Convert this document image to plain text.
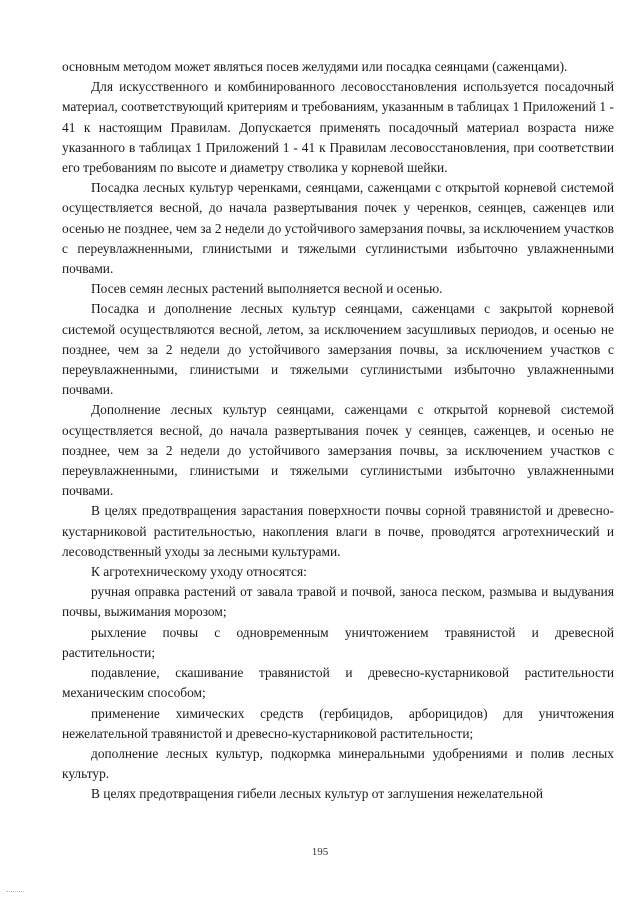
основным методом может являться посев желудями или посадка сеянцами (саженцами).

Для искусственного и комбинированного лесовосстановления используется посадочный материал, соответствующий критериям и требованиям, указанным в таблицах 1 Приложений 1 - 41 к настоящим Правилам. Допускается применять посадочный материал возраста ниже указанного в таблицах 1 Приложений 1 - 41 к Правилам лесовосстановления, при соответствии его требованиям по высоте и диаметру стволика у корневой шейки.

Посадка лесных культур черенками, сеянцами, саженцами с открытой корневой системой осуществляется весной, до начала развертывания почек у черенков, сеянцев, саженцев или осенью не позднее, чем за 2 недели до устойчивого замерзания почвы, за исключением участков с переувлажненными, глинистыми и тяжелыми суглинистыми избыточно увлажненными почвами.

Посев семян лесных растений выполняется весной и осенью.

Посадка и дополнение лесных культур сеянцами, саженцами с закрытой корневой системой осуществляются весной, летом, за исключением засушливых периодов, и осенью не позднее, чем за 2 недели до устойчивого замерзания почвы, за исключением участков с переувлажненными, глинистыми и тяжелыми суглинистыми избыточно увлажненными почвами.

Дополнение лесных культур сеянцами, саженцами с открытой корневой системой осуществляется весной, до начала развертывания почек у сеянцев, саженцев, и осенью не позднее, чем за 2 недели до устойчивого замерзания почвы, за исключением участков с переувлажненными, глинистыми и тяжелыми суглинистыми избыточно увлажненными почвами.

В целях предотвращения зарастания поверхности почвы сорной травянистой и древесно-кустарниковой растительностью, накопления влаги в почве, проводятся агротехнический и лесоводственный уходы за лесными культурами.

К агротехническому уходу относятся:

ручная оправка растений от завала травой и почвой, заноса песком, размыва и выдувания почвы, выжимания морозом;

рыхление почвы с одновременным уничтожением травянистой и древесной растительности;

подавление, скашивание травянистой и древесно-кустарниковой растительности механическим способом;

применение химических средств (гербицидов, арборицидов) для уничтожения нежелательной травянистой и древесно-кустарниковой растительности;

дополнение лесных культур, подкормка минеральными удобрениями и полив лесных культур.

В целях предотвращения гибели лесных культур от заглушения нежелательной

195
